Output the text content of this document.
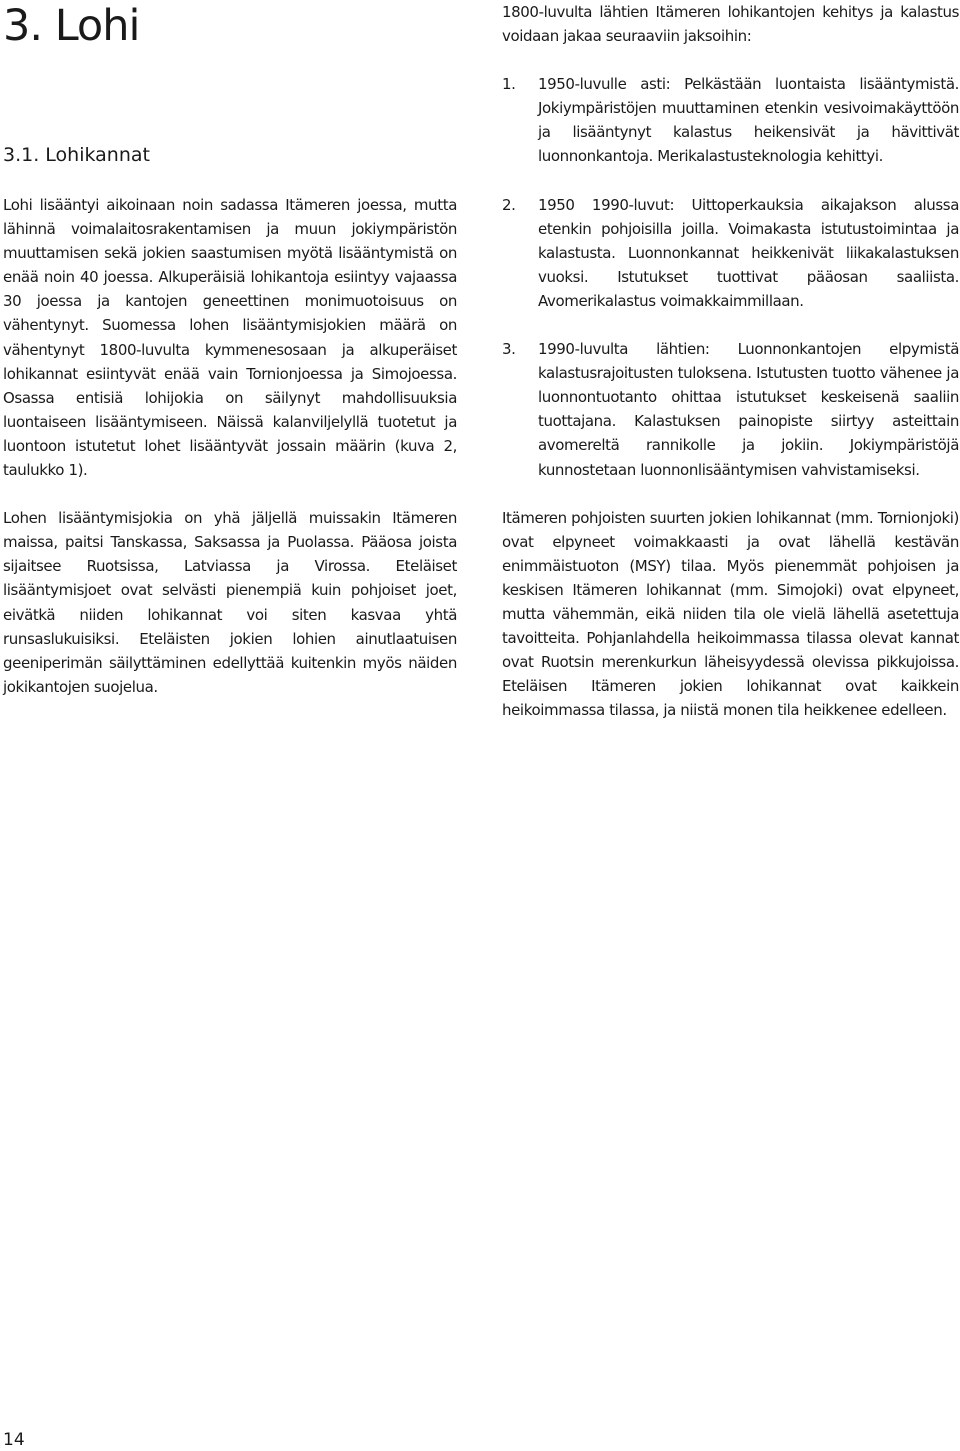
3. Lohi
3.1. Lohikannat

Lohi lisääntyi aikoinaan noin sadassa Itämeren joessa, mutta lähinnä voimalaitosrakentamisen ja muun jokiympäristön muuttamisen sekä jokien saastumisen myötä lisääntymistä on enää noin 40 joessa. Alkuperäisiä lohikantoja esiintyy vajaassa 30 joessa ja kantojen geneettinen monimuotoisuus on vähentynyt. Suomessa lohen lisääntymisjokien määrä on vähentynyt 1800-luvulta kymmenesosaan ja alkuperäiset lohikannat esiintyvät enää vain Tornionjoessa ja Simojoessa. Osassa entisiä lohijokia on säilynyt mahdollisuuksia luontaiseen lisääntymiseen. Näissä kalanviljelyllä tuotetut ja luontoon istutetut lohet lisääntyvät jossain määrin (kuva 2, taulukko 1).

Lohen lisääntymisjokia on yhä jäljellä muissakin Itämeren maissa, paitsi Tanskassa, Saksassa ja Puolassa. Pääosa joista sijaitsee Ruotsissa, Latviassa ja Virossa. Eteläiset lisääntymisjoet ovat selvästi pienempiä kuin pohjoiset joet, eivätkä niiden lohikannat voi siten kasvaa yhtä runsaslukuisiksi. Eteläisten jokien lohien ainutlaatuisen geeniperimän säilyttäminen edellyttää kuitenkin myös näiden jokikantojen suojelua.

1800-luvulta lähtien Itämeren lohikantojen kehitys ja kalastus voidaan jakaa seuraaviin jaksoihin:

1. 1950-luvulle asti: Pelkästään luontaista lisääntymistä. Jokiympäristöjen muuttaminen etenkin vesivoimakäyttöön ja lisääntynyt kalastus heikensivät ja hävittivät luonnonkantoja. Merikalastusteknologia kehittyi.
2. 1950 1990-luvut: Uittoperkauksia aikajakson alussa etenkin pohjoisilla joilla. Voimakasta istutustoimintaa ja kalastusta. Luonnonkannat heikkenivät liikakalastuksen vuoksi. Istutukset tuottivat pääosan saaliista. Avomerikalastus voimakkaimmillaan.
3. 1990-luvulta lähtien: Luonnonkantojen elpymistä kalastusrajoitusten tuloksena. Istutusten tuotto vähenee ja luonnontuotanto ohittaa istutukset keskeisenä saaliin tuottajana. Kalastuksen painopiste siirtyy asteittain avomereltä rannikolle ja jokiin. Jokiympäristöjä kunnostetaan luonnonlisääntymisen vahvistamiseksi.

Itämeren pohjoisten suurten jokien lohikannat (mm. Tornionjoki) ovat elpyneet voimakkaasti ja ovat lähellä kestävän enimmäistuoton (MSY) tilaa. Myös pienemmät pohjoisen ja keskisen Itämeren lohikannat (mm. Simojoki) ovat elpyneet, mutta vähemmän, eikä niiden tila ole vielä lähellä asetettuja tavoitteita. Pohjanlahdella heikoimmassa tilassa olevat kannat ovat Ruotsin merenkurkun läheisyydessä olevissa pikkujoissa. Eteläisen Itämeren jokien lohikannat ovat kaikkein heikoimmassa tilassa, ja niistä monen tila heikkenee edelleen.

14
